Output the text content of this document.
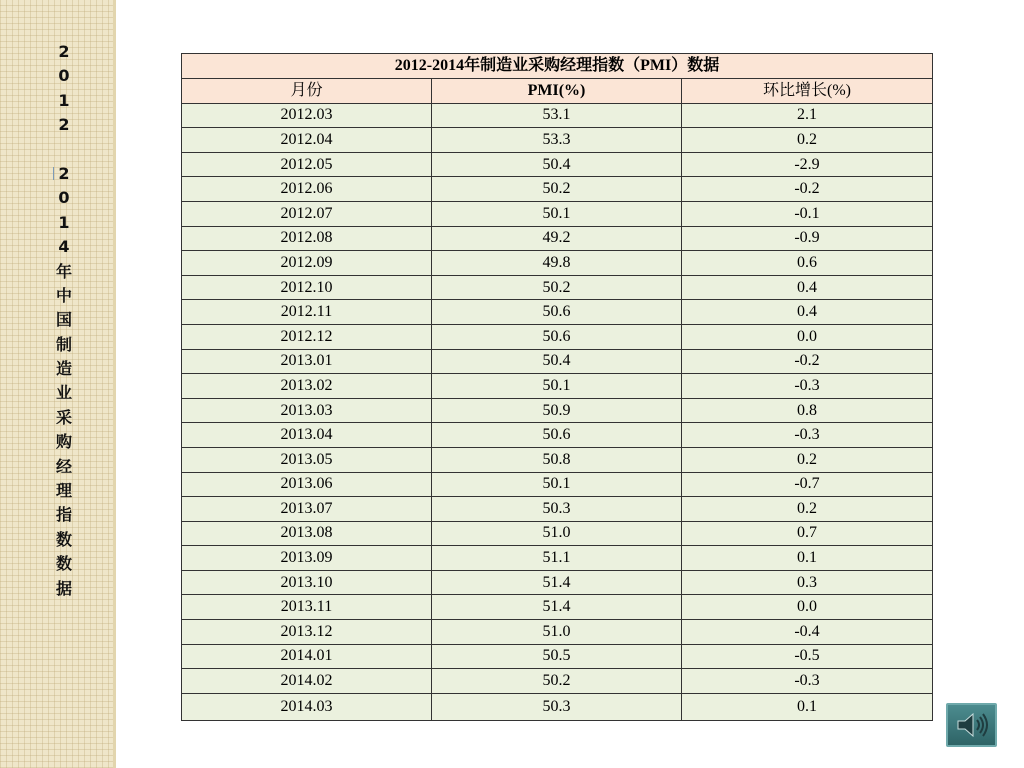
2
0
1
2
2
0
1
4
年
中
国
制
造
业
采
购
经
理
指
数
数
据
2012-2014年制造业采购经理指数（PMI）数据		
月份	PMI(%)	环比增长(%)
2012.03	53.1	2.1
2012.04	53.3	0.2
2012.05	50.4	-2.9
2012.06	50.2	-0.2
2012.07	50.1	-0.1
2012.08	49.2	-0.9
2012.09	49.8	0.6
2012.10	50.2	0.4
2012.11	50.6	0.4
2012.12	50.6	0.0
2013.01	50.4	-0.2
2013.02	50.1	-0.3
2013.03	50.9	0.8
2013.04	50.6	-0.3
2013.05	50.8	0.2
2013.06	50.1	-0.7
2013.07	50.3	0.2
2013.08	51.0	0.7
2013.09	51.1	0.1
2013.10	51.4	0.3
2013.11	51.4	0.0
2013.12	51.0	-0.4
2014.01	50.5	-0.5
2014.02	50.2	-0.3
2014.03	50.3	0.1
